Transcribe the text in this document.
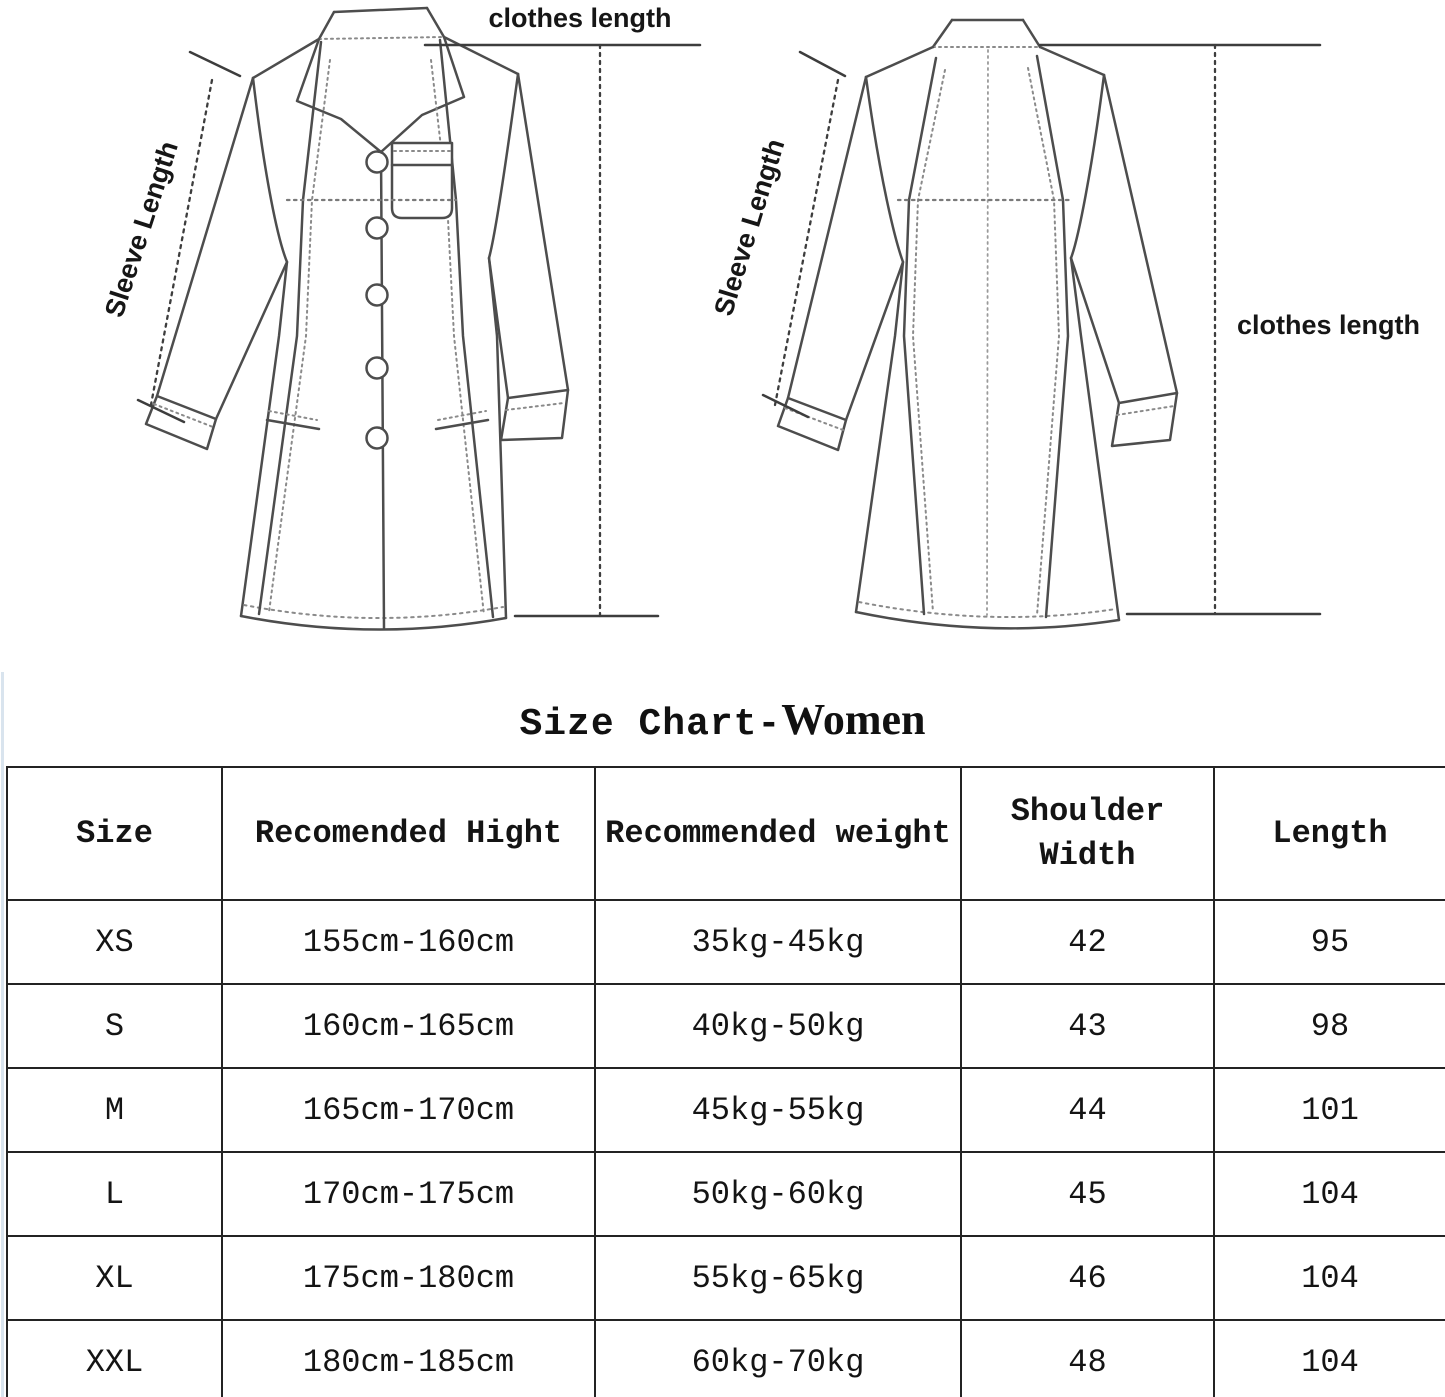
clothes length
Sleeve Length
clothes length
Sleeve Length
Size Chart-Women
Size	Recomended Hight	Recommended weight	Shoulder Width	Length
XS	155cm-160cm	35kg-45kg	42	95
S	160cm-165cm	40kg-50kg	43	98
M	165cm-170cm	45kg-55kg	44	101
L	170cm-175cm	50kg-60kg	45	104
XL	175cm-180cm	55kg-65kg	46	104
XXL	180cm-185cm	60kg-70kg	48	104
